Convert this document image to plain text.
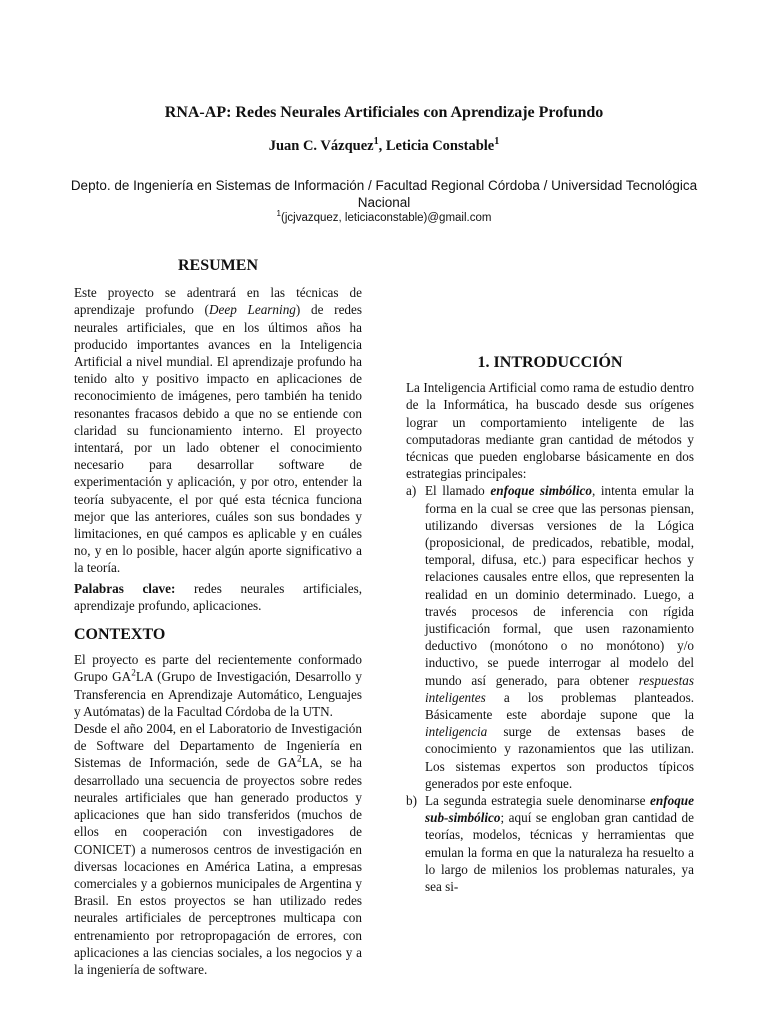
RNA-AP: Redes Neurales Artificiales con Aprendizaje Profundo
Juan C. Vázquez$^1$, Leticia Constable$^1$
Depto. de Ingeniería en Sistemas de Información / Facultad Regional Córdoba / Universidad Tecnológica Nacional
$^1$(jcjvazquez, leticiaconstable)@gmail.com
RESUMEN

Este proyecto se adentrará en las técnicas de aprendizaje profundo (Deep Learning) de redes neurales artificiales, que en los últimos años ha producido importantes avances en la Inteligencia Artificial a nivel mundial. El aprendizaje profundo ha tenido alto y positivo impacto en aplicaciones de reconocimiento de imágenes, pero también ha tenido resonantes fracasos debido a que no se entiende con claridad su funcionamiento interno. El proyecto intentará, por un lado obtener el conocimiento necesario para desarrollar software de experimentación y aplicación, y por otro, entender la teoría subyacente, el por qué esta técnica funciona mejor que las anteriores, cuáles son sus bondades y limitaciones, en qué campos es aplicable y en cuáles no, y en lo posible, hacer algún aporte significativo a la teoría.

Palabras clave: redes neurales artificiales, aprendizaje profundo, aplicaciones.

CONTEXTO

El proyecto es parte del recientemente conformado Grupo $GA^2LA$ (Grupo de Investigación, Desarrollo y Transferencia en Aprendizaje Automático, Lenguajes y Autómatas) de la Facultad Córdoba de la UTN.

Desde el año 2004, en el Laboratorio de Investigación de Software del Departamento de Ingeniería en Sistemas de Información, sede de $GA^2LA$, se ha desarrollado una secuencia de proyectos sobre redes neurales artificiales que han generado productos y aplicaciones que han sido transferidos (muchos de ellos en cooperación con investigadores de CONICET) a numerosos centros de investigación en diversas locaciones en América Latina, a empresas comerciales y a gobiernos municipales de Argentina y Brasil. En estos proyectos se han utilizado redes neurales artificiales de perceptrones multicapa con entrenamiento por retropropagación de errores, con aplicaciones a las ciencias sociales, a los negocios y a la ingeniería de software.

1. INTRODUCCIÓN

La Inteligencia Artificial como rama de estudio dentro de la Informática, ha buscado desde sus orígenes lograr un comportamiento inteligente de las computadoras mediante gran cantidad de métodos y técnicas que pueden englobarse básicamente en dos estrategias principales:

a) El llamado enfoque simbólico, intenta emular la forma en la cual se cree que las personas piensan, utilizando diversas versiones de la Lógica (proposicional, de predicados, rebatible, modal, temporal, difusa, etc.) para especificar hechos y relaciones causales entre ellos, que representen la realidad en un dominio determinado. Luego, a través procesos de inferencia con rígida justificación formal, que usen razonamiento deductivo (monótono o no monótono) y/o inductivo, se puede interrogar al modelo del mundo así generado, para obtener respuestas inteligentes a los problemas planteados. Básicamente este abordaje supone que la inteligencia surge de extensas bases de conocimiento y razonamientos que las utilizan. Los sistemas expertos son productos típicos generados por este enfoque.

b) La segunda estrategia suele denominarse enfoque sub-simbólico; aquí se engloban gran cantidad de teorías, modelos, técnicas y herramientas que emulan la forma en que la naturaleza ha resuelto a lo largo de milenios los problemas naturales, ya sea si-
